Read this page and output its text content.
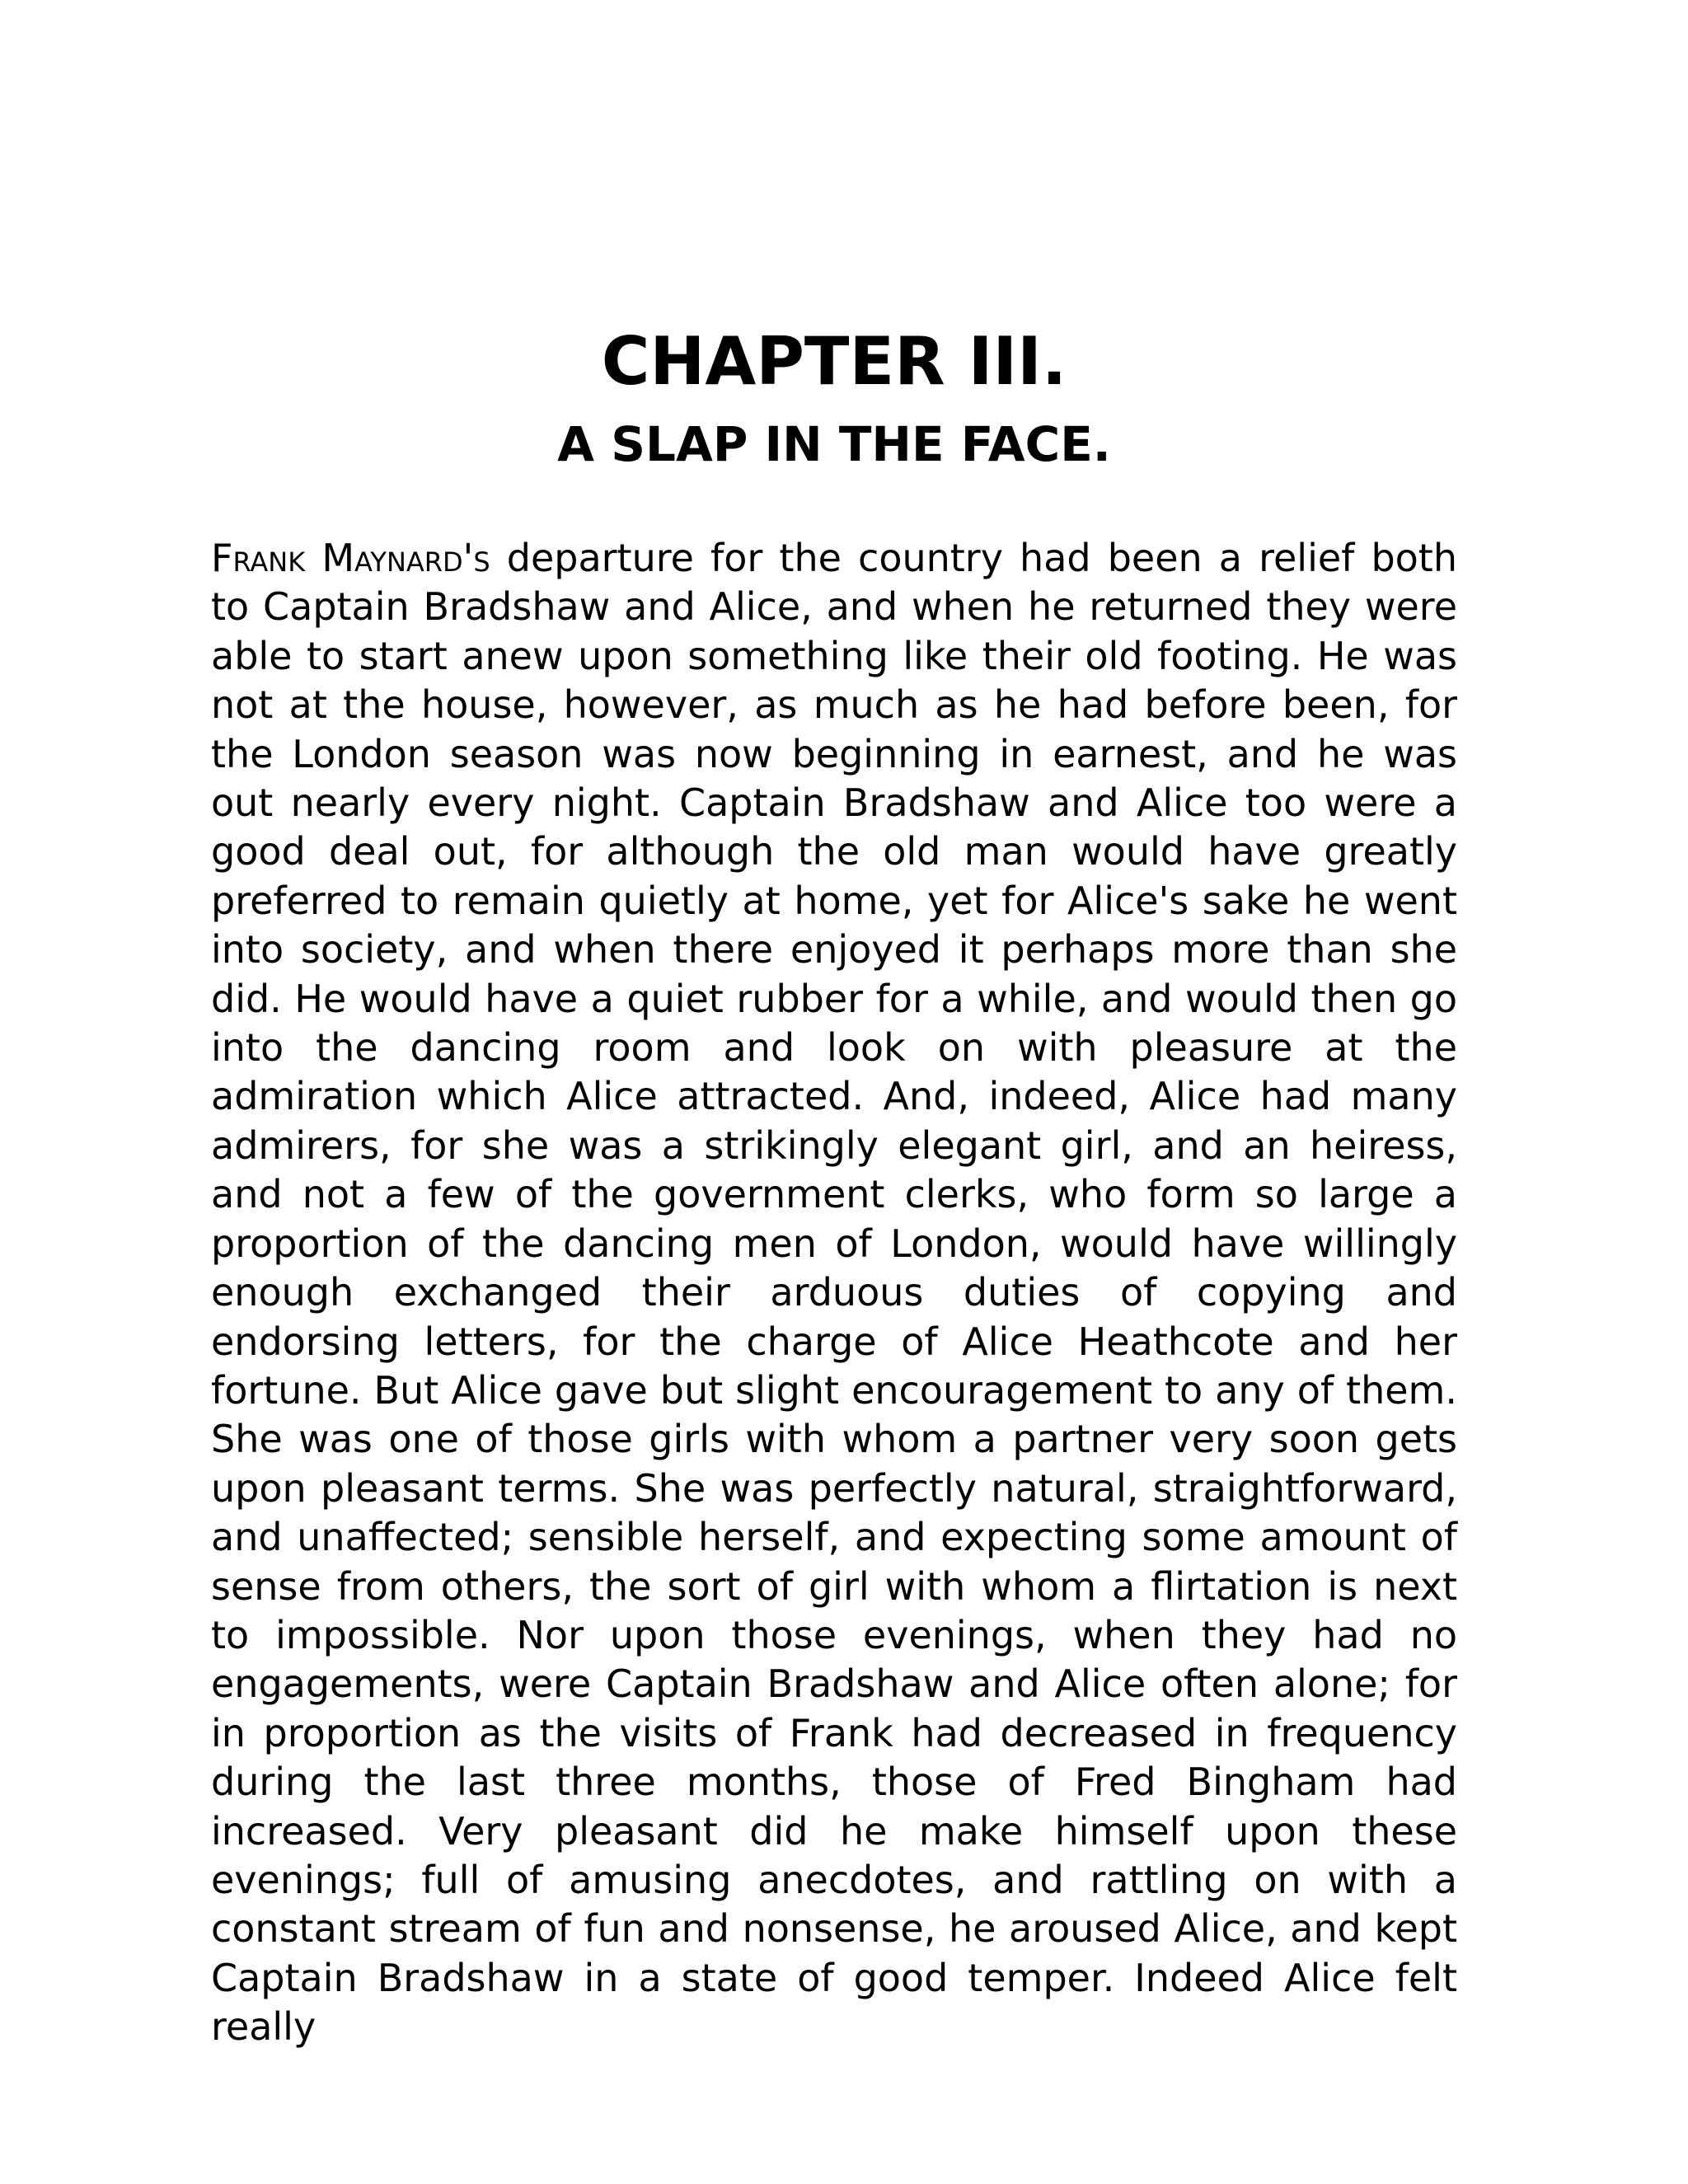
CHAPTER III.
A SLAP IN THE FACE.

Frank Maynard's departure for the country had been a relief both to Captain Bradshaw and Alice, and when he returned they were able to start anew upon something like their old footing. He was not at the house, however, as much as he had before been, for the London season was now beginning in earnest, and he was out nearly every night. Captain Bradshaw and Alice too were a good deal out, for although the old man would have greatly preferred to remain quietly at home, yet for Alice's sake he went into society, and when there enjoyed it perhaps more than she did. He would have a quiet rubber for a while, and would then go into the dancing room and look on with pleasure at the admiration which Alice attracted. And, indeed, Alice had many admirers, for she was a strikingly elegant girl, and an heiress, and not a few of the government clerks, who form so large a proportion of the dancing men of London, would have willingly enough exchanged their arduous duties of copying and endorsing letters, for the charge of Alice Heathcote and her fortune. But Alice gave but slight encouragement to any of them. She was one of those girls with whom a partner very soon gets upon pleasant terms. She was perfectly natural, straightforward, and unaffected; sensible herself, and expecting some amount of sense from others, the sort of girl with whom a flirtation is next to impossible. Nor upon those evenings, when they had no engagements, were Captain Bradshaw and Alice often alone; for in proportion as the visits of Frank had decreased in frequency during the last three months, those of Fred Bingham had increased. Very pleasant did he make himself upon these evenings; full of amusing anecdotes, and rattling on with a constant stream of fun and nonsense, he aroused Alice, and kept Captain Bradshaw in a state of good temper. Indeed Alice felt really
